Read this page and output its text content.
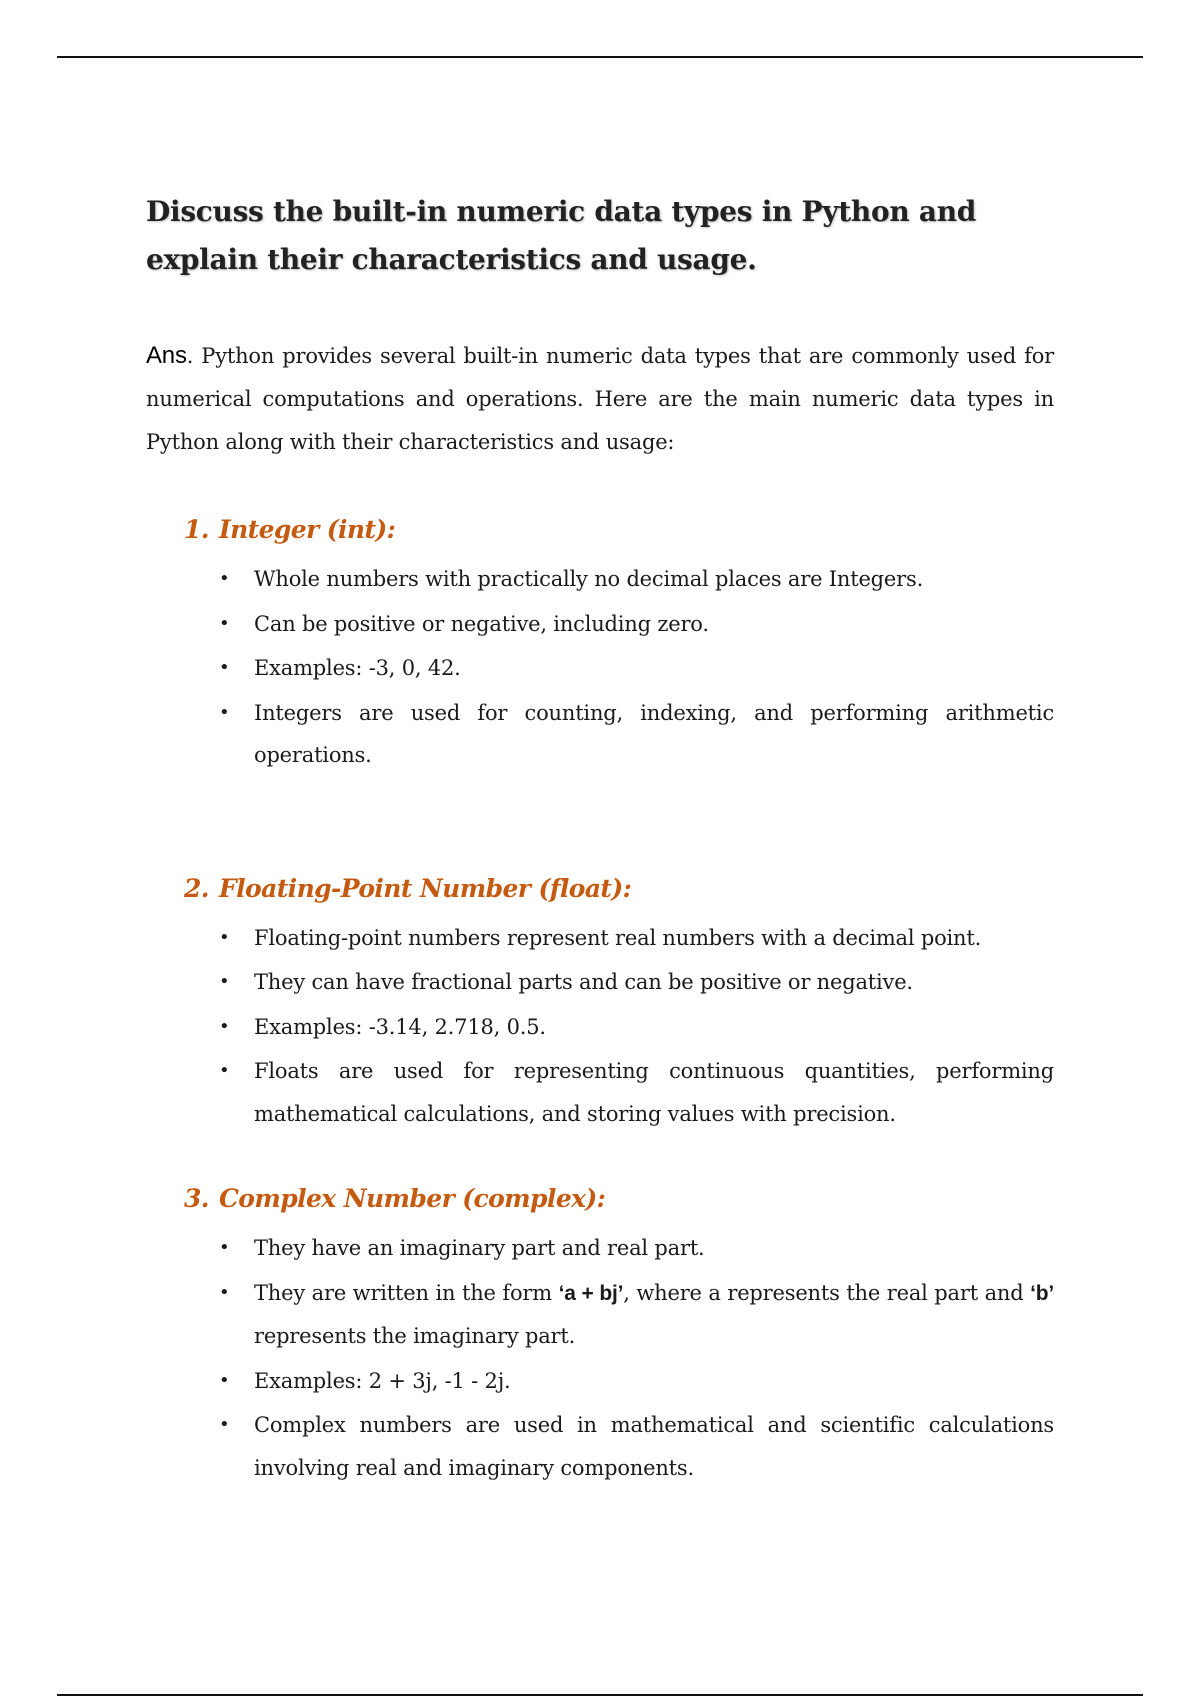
Discuss the built-in numeric data types in Python and explain their characteristics and usage.

Ans. Python provides several built-in numeric data types that are commonly used for numerical computations and operations. Here are the main numeric data types in Python along with their characteristics and usage:

1. Integer (int):
• Whole numbers with practically no decimal places are Integers.
• Can be positive or negative, including zero.
• Examples: -3, 0, 42.
• Integers are used for counting, indexing, and performing arithmetic operations.
2. Floating-Point Number (float):
• Floating-point numbers represent real numbers with a decimal point.
• They can have fractional parts and can be positive or negative.
• Examples: -3.14, 2.718, 0.5.
• Floats are used for representing continuous quantities, performing mathematical calculations, and storing values with precision.
3. Complex Number (complex):
• They have an imaginary part and real part.
• They are written in the form ‘a + bj’, where a represents the real part and ‘b’ represents the imaginary part.
• Examples: 2 + 3j, -1 - 2j.
• Complex numbers are used in mathematical and scientific calculations involving real and imaginary components.
